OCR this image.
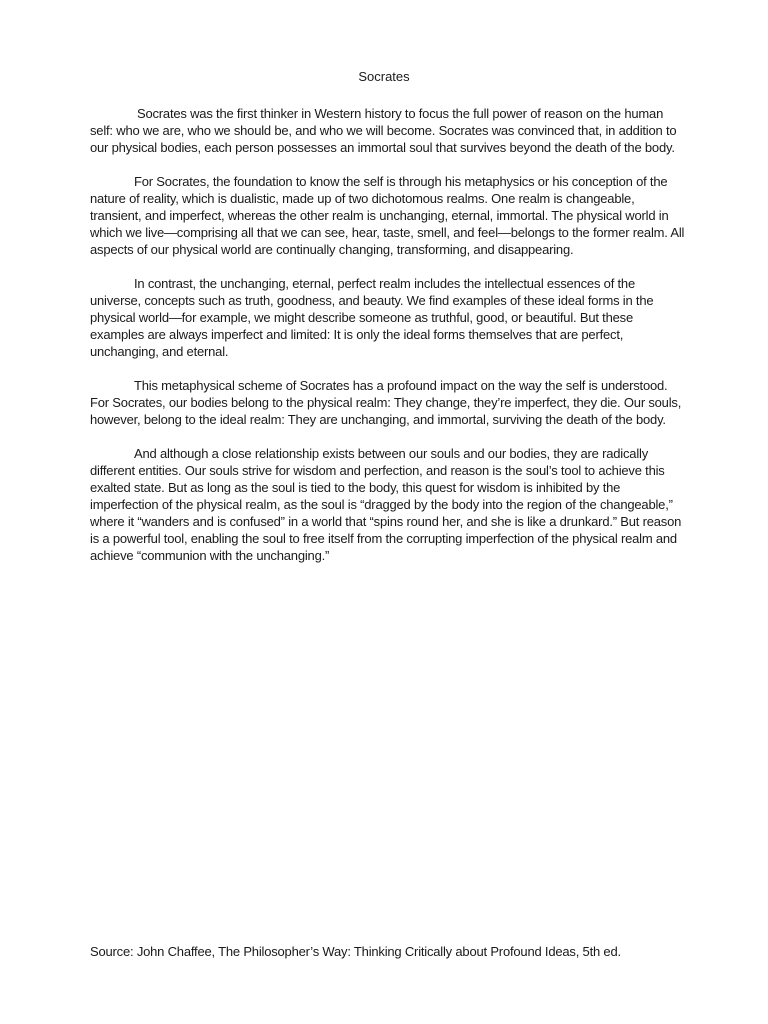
Socrates

Socrates was the first thinker in Western history to focus the full power of reason on the human self: who we are, who we should be, and who we will become. Socrates was convinced that, in addition to our physical bodies, each person possesses an immortal soul that survives beyond the death of the body.

For Socrates, the foundation to know the self is through his metaphysics or his conception of the nature of reality, which is dualistic, made up of two dichotomous realms. One realm is changeable, transient, and imperfect, whereas the other realm is unchanging, eternal, immortal. The physical world in which we live—comprising all that we can see, hear, taste, smell, and feel—belongs to the former realm. All aspects of our physical world are continually changing, transforming, and disappearing.

In contrast, the unchanging, eternal, perfect realm includes the intellectual essences of the universe, concepts such as truth, goodness, and beauty. We find examples of these ideal forms in the physical world—for example, we might describe someone as truthful, good, or beautiful. But these examples are always imperfect and limited: It is only the ideal forms themselves that are perfect, unchanging, and eternal.

This metaphysical scheme of Socrates has a profound impact on the way the self is understood. For Socrates, our bodies belong to the physical realm: They change, they’re imperfect, they die. Our souls, however, belong to the ideal realm: They are unchanging, and immortal, surviving the death of the body.

And although a close relationship exists between our souls and our bodies, they are radically different entities. Our souls strive for wisdom and perfection, and reason is the soul’s tool to achieve this exalted state. But as long as the soul is tied to the body, this quest for wisdom is inhibited by the imperfection of the physical realm, as the soul is “dragged by the body into the region of the changeable,” where it “wanders and is confused” in a world that “spins round her, and she is like a drunkard.” But reason is a powerful tool, enabling the soul to free itself from the corrupting imperfection of the physical realm and achieve “communion with the unchanging.”

Source: John Chaffee, The Philosopher’s Way: Thinking Critically about Profound Ideas, 5th ed.
